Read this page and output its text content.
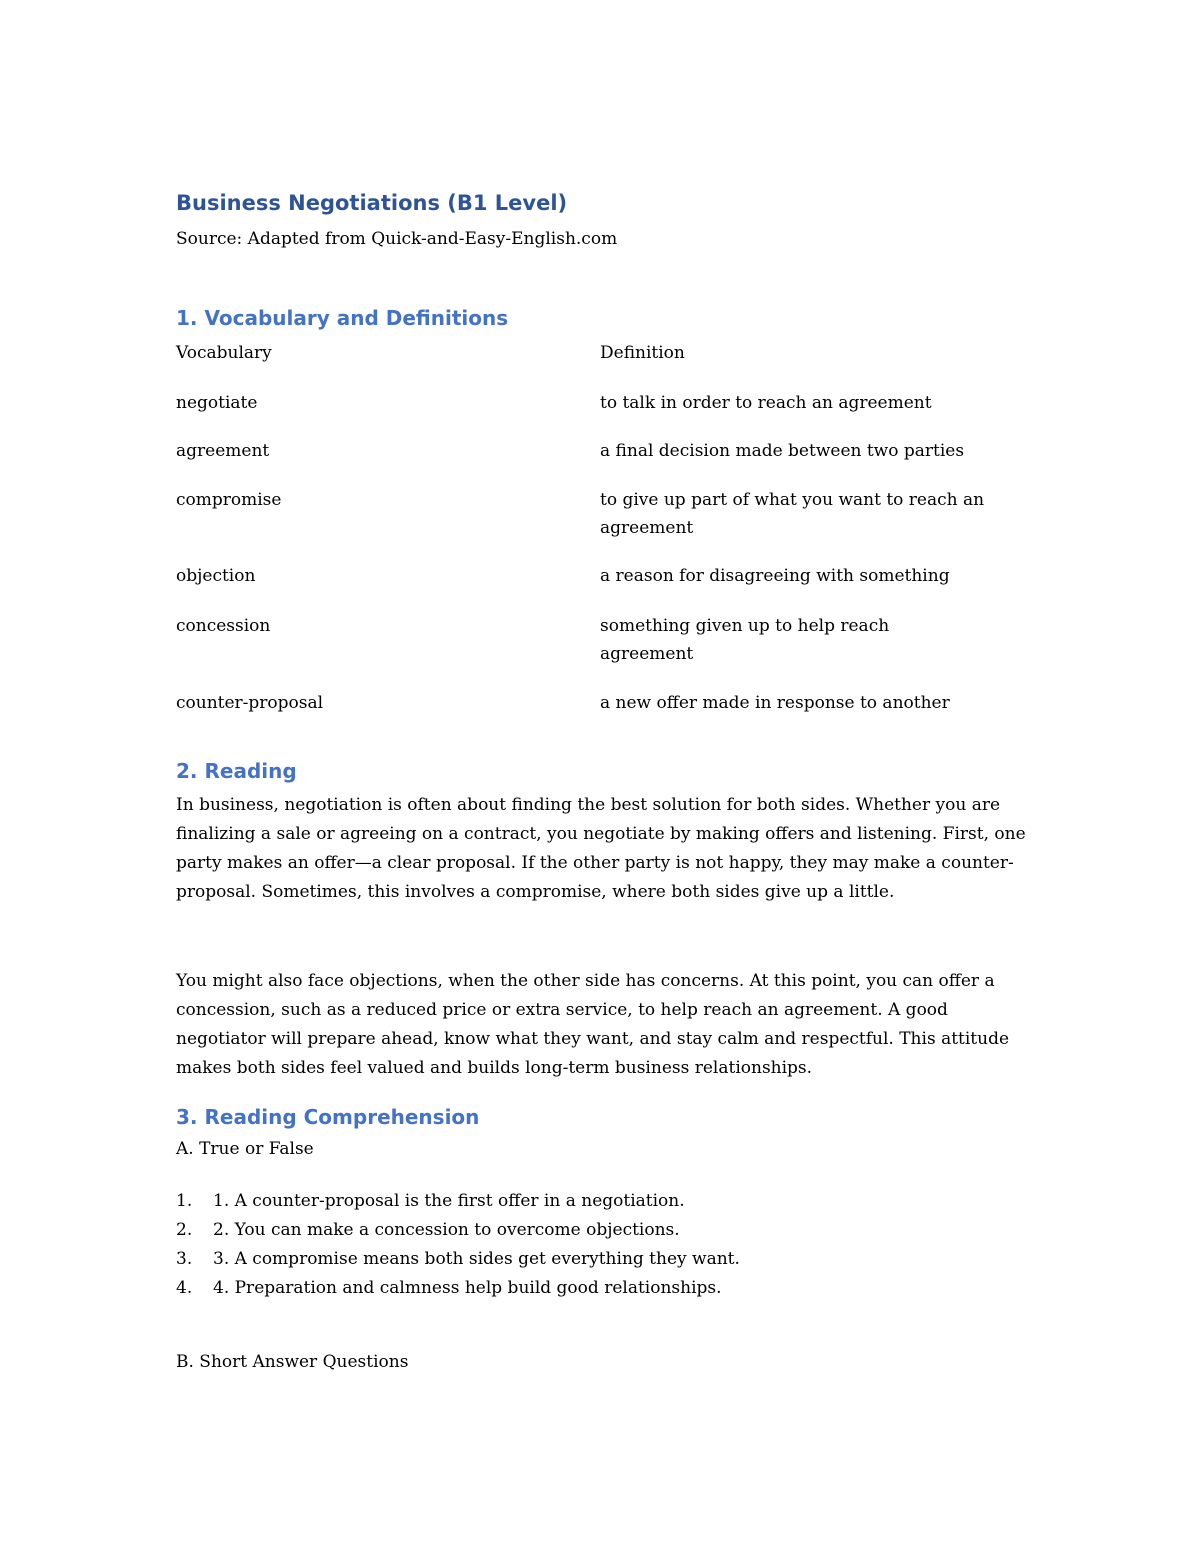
Business Negotiations (B1 Level)
Source: Adapted from Quick-and-Easy-English.com
1. Vocabulary and Definitions
Vocabulary	Definition
negotiate	to talk in order to reach an agreement
agreement	a final decision made between two parties
compromise	to give up part of what you want to reach an agreement
objection	a reason for disagreeing with something
concession	something given up to help reach agreement
counter-proposal	a new offer made in response to another
2. Reading
In business, negotiation is often about finding the best solution for both sides. Whether you are finalizing a sale or agreeing on a contract, you negotiate by making offers and listening. First, one party makes an offer—a clear proposal. If the other party is not happy, they may make a counter-proposal. Sometimes, this involves a compromise, where both sides give up a little.
You might also face objections, when the other side has concerns. At this point, you can offer a concession, such as a reduced price or extra service, to help reach an agreement. A good negotiator will prepare ahead, know what they want, and stay calm and respectful. This attitude makes both sides feel valued and builds long-term business relationships.
3. Reading Comprehension
A. True or False
1. 1. A counter-proposal is the first offer in a negotiation.
2. 2. You can make a concession to overcome objections.
3. 3. A compromise means both sides get everything they want.
4. 4. Preparation and calmness help build good relationships.
B. Short Answer Questions
